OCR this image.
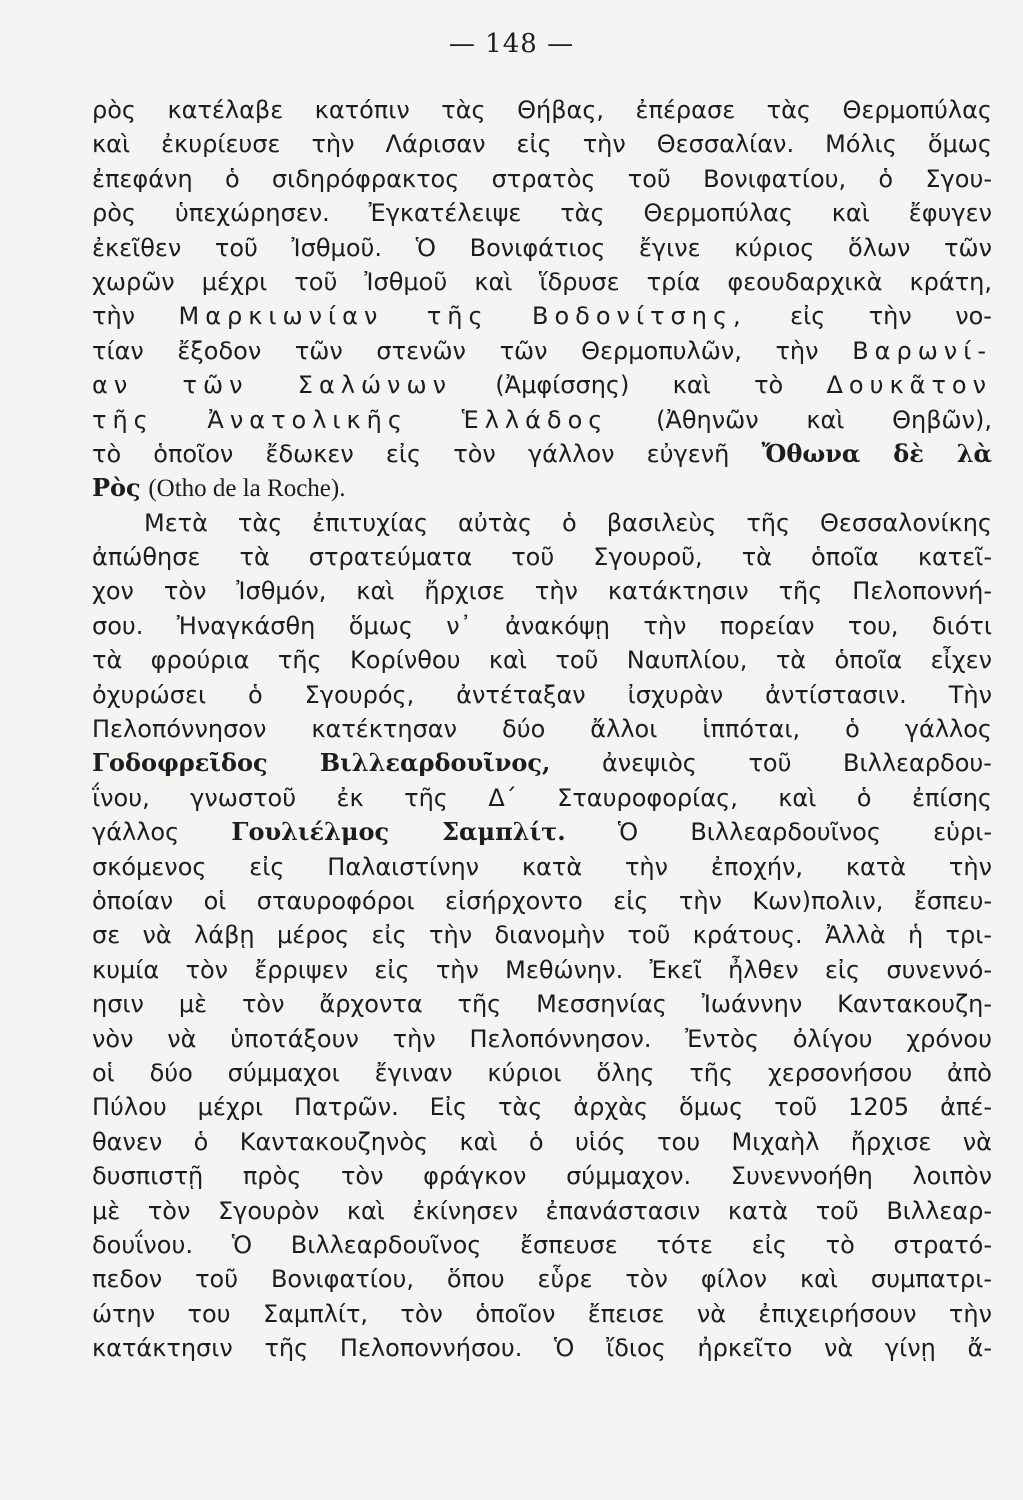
— 148 —
ρὸς κατέλαβε κατόπιν τὰς Θήβας, ἐπέρασε τὰς Θερμοπύλας
καὶ ἐκυρίευσε τὴν Λάρισαν εἰς τὴν Θεσσαλίαν. Μόλις ὅμως
ἐπεφάνη ὁ σιδηρόφρακτος στρατὸς τοῦ Βονιφατίου, ὁ Σγου-
ρὸς ὑπεχώρησεν. Ἐγκατέλειψε τὰς Θερμοπύλας καὶ ἔφυγεν
ἐκεῖθεν τοῦ Ἰσθμοῦ. Ὁ Βονιφάτιος ἔγινε κύριος ὅλων τῶν
χωρῶν μέχρι τοῦ Ἰσθμοῦ καὶ ἵδρυσε τρία φεουδαρχικὰ κράτη,
τὴν Μαρκιωνίαν τῆς Βοδονίτσης, εἰς τὴν νο-
τίαν ἔξοδον τῶν στενῶν τῶν Θερμοπυλῶν, τὴν Βαρωνί-
αν τῶν Σαλώνων (Ἀμφίσσης) καὶ τὸ Δουκᾶτον
τῆς Ἀνατολικῆς Ἑλλάδος (Ἀθηνῶν καὶ Θηβῶν),
τὸ ὁποῖον ἔδωκεν εἰς τὸν γάλλον εὐγενῆ Ὄθωνα δὲ λὰ
Ρὸς (Otho de la Roche).
Μετὰ τὰς ἐπιτυχίας αὐτὰς ὁ βασιλεὺς τῆς Θεσσαλονίκης
ἀπώθησε τὰ στρατεύματα τοῦ Σγουροῦ, τὰ ὁποῖα κατεῖ-
χον τὸν Ἰσθμόν, καὶ ἤρχισε τὴν κατάκτησιν τῆς Πελοποννή-
σου. Ἠναγκάσθη ὅμως ν᾽ ἀνακόψῃ τὴν πορείαν του, διότι
τὰ φρούρια τῆς Κορίνθου καὶ τοῦ Ναυπλίου, τὰ ὁποῖα εἶχεν
ὀχυρώσει ὁ Σγουρός, ἀντέταξαν ἰσχυρὰν ἀντίστασιν. Τὴν
Πελοπόννησον κατέκτησαν δύο ἄλλοι ἱππόται, ὁ γάλλος
Γοδοφρεῖδος Βιλλεαρδουῖνος, ἀνεψιὸς τοῦ Βιλλεαρδου-
ΐνου, γνωστοῦ ἐκ τῆς Δ´ Σταυροφορίας, καὶ ὁ ἐπίσης
γάλλος Γουλιέλμος Σαμπλίτ. Ὁ Βιλλεαρδουῖνος εὑρι-
σκόμενος εἰς Παλαιστίνην κατὰ τὴν ἐποχήν, κατὰ τὴν
ὁποίαν οἱ σταυροφόροι εἰσήρχοντο εἰς τὴν Κων)πολιν, ἔσπευ-
σε νὰ λάβῃ μέρος εἰς τὴν διανομὴν τοῦ κράτους. Ἀλλὰ ἡ τρι-
κυμία τὸν ἔρριψεν εἰς τὴν Μεθώνην. Ἐκεῖ ἦλθεν εἰς συνεννό-
ησιν μὲ τὸν ἄρχοντα τῆς Μεσσηνίας Ἰωάννην Καντακουζη-
νὸν νὰ ὑποτάξουν τὴν Πελοπόννησον. Ἐντὸς ὀλίγου χρόνου
οἱ δύο σύμμαχοι ἔγιναν κύριοι ὅλης τῆς χερσονήσου ἀπὸ
Πύλου μέχρι Πατρῶν. Εἰς τὰς ἀρχὰς ὅμως τοῦ 1205 ἀπέ-
θανεν ὁ Καντακουζηνὸς καὶ ὁ υἱός του Μιχαὴλ ἤρχισε νὰ
δυσπιστῇ πρὸς τὸν φράγκον σύμμαχον. Συνεννοήθη λοιπὸν
μὲ τὸν Σγουρὸν καὶ ἐκίνησεν ἐπανάστασιν κατὰ τοῦ Βιλλεαρ-
δουΐνου. Ὁ Βιλλεαρδουῖνος ἔσπευσε τότε εἰς τὸ στρατό-
πεδον τοῦ Βονιφατίου, ὅπου εὗρε τὸν φίλον καὶ συμπατρι-
ώτην του Σαμπλίτ, τὸν ὁποῖον ἔπεισε νὰ ἐπιχειρήσουν τὴν
κατάκτησιν τῆς Πελοποννήσου. Ὁ ἴδιος ἠρκεῖτο νὰ γίνῃ ἄ-
